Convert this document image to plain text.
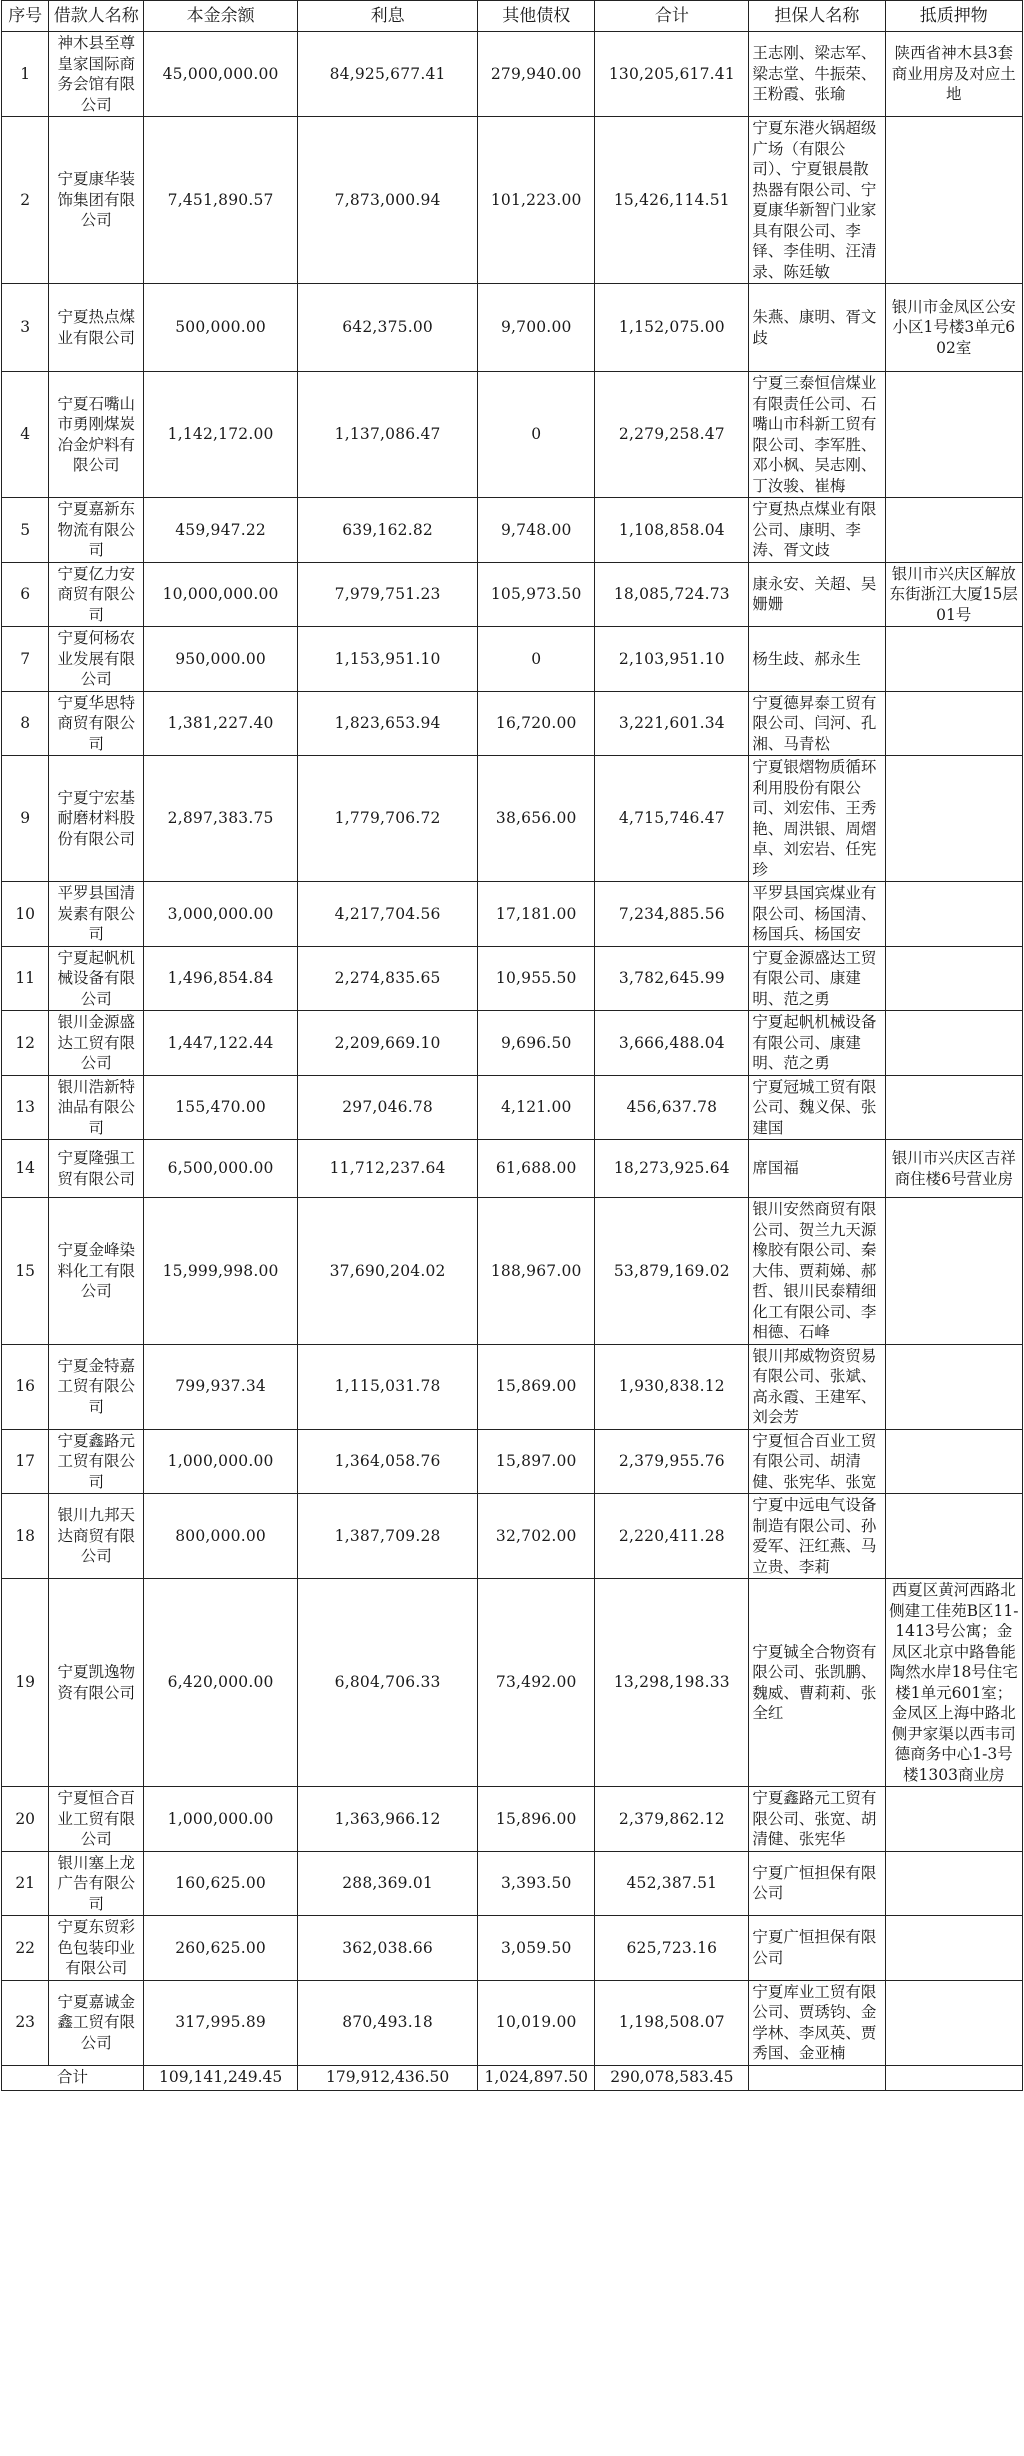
序号	借款人名称	本金余额	利息	其他债权	合计	担保人名称	抵质押物
1	神木县至尊皇家国际商务会馆有限公司	45,000,000.00	84,925,677.41	279,940.00	130,205,617.41	王志刚、梁志军、梁志堂、牛振荣、王粉霞、张瑜	陕西省神木县3套商业用房及对应土地
2	宁夏康华装饰集团有限公司	7,451,890.57	7,873,000.94	101,223.00	15,426,114.51	宁夏东港火锅超级广场（有限公司）、宁夏银晨散热器有限公司、宁夏康华新智门业家具有限公司、李铎、李佳明、汪清录、陈廷敏	
3	宁夏热点煤业有限公司	500,000.00	642,375.00	9,700.00	1,152,075.00	朱燕、康明、胥文歧	银川市金凤区公安小区1号楼3单元602室
4	宁夏石嘴山市勇刚煤炭冶金炉料有限公司	1,142,172.00	1,137,086.47	0	2,279,258.47	宁夏三泰恒信煤业有限责任公司、石嘴山市科新工贸有限公司、李军胜、邓小枫、吴志刚、丁汝骏、崔梅	
5	宁夏嘉新东物流有限公司	459,947.22	639,162.82	9,748.00	1,108,858.04	宁夏热点煤业有限公司、康明、李涛、胥文歧	
6	宁夏亿力安商贸有限公司	10,000,000.00	7,979,751.23	105,973.50	18,085,724.73	康永安、关超、吴姗姗	银川市兴庆区解放东街浙江大厦15层01号
7	宁夏何杨农业发展有限公司	950,000.00	1,153,951.10	0	2,103,951.10	杨生歧、郝永生	
8	宁夏华思特商贸有限公司	1,381,227.40	1,823,653.94	16,720.00	3,221,601.34	宁夏德昇泰工贸有限公司、闫河、孔湘、马青松	
9	宁夏宁宏基耐磨材料股份有限公司	2,897,383.75	1,779,706.72	38,656.00	4,715,746.47	宁夏银熠物质循环利用股份有限公司、刘宏伟、王秀艳、周洪银、周熠卓、刘宏岩、任宪珍	
10	平罗县国清炭素有限公司	3,000,000.00	4,217,704.56	17,181.00	7,234,885.56	平罗县国宾煤业有限公司、杨国清、杨国兵、杨国安	
11	宁夏起帆机械设备有限公司	1,496,854.84	2,274,835.65	10,955.50	3,782,645.99	宁夏金源盛达工贸有限公司、康建明、范之勇	
12	银川金源盛达工贸有限公司	1,447,122.44	2,209,669.10	9,696.50	3,666,488.04	宁夏起帆机械设备有限公司、康建明、范之勇	
13	银川浩新特油品有限公司	155,470.00	297,046.78	4,121.00	456,637.78	宁夏冠城工贸有限公司、魏义保、张建国	
14	宁夏隆强工贸有限公司	6,500,000.00	11,712,237.64	61,688.00	18,273,925.64	席国福	银川市兴庆区吉祥商住楼6号营业房
15	宁夏金峰染料化工有限公司	15,999,998.00	37,690,204.02	188,967.00	53,879,169.02	银川安然商贸有限公司、贺兰九天源橡胶有限公司、秦大伟、贾莉娣、郝哲、银川民泰精细化工有限公司、李相德、石峰	
16	宁夏金特嘉工贸有限公司	799,937.34	1,115,031.78	15,869.00	1,930,838.12	银川邦威物资贸易有限公司、张斌、高永霞、王建军、刘会芳	
17	宁夏鑫路元工贸有限公司	1,000,000.00	1,364,058.76	15,897.00	2,379,955.76	宁夏恒合百业工贸有限公司、胡清健、张宪华、张宽	
18	银川九邦天达商贸有限公司	800,000.00	1,387,709.28	32,702.00	2,220,411.28	宁夏中远电气设备制造有限公司、孙爱军、汪红燕、马立贵、李莉	
19	宁夏凯逸物资有限公司	6,420,000.00	6,804,706.33	73,492.00	13,298,198.33	宁夏铖全合物资有限公司、张凯鹏、魏威、曹莉莉、张全红	西夏区黄河西路北侧建工佳苑B区11-1413号公寓；金凤区北京中路鲁能陶然水岸18号住宅楼1单元601室；金凤区上海中路北侧尹家渠以西韦司德商务中心1-3号楼1303商业房
20	宁夏恒合百业工贸有限公司	1,000,000.00	1,363,966.12	15,896.00	2,379,862.12	宁夏鑫路元工贸有限公司、张宽、胡清健、张宪华	
21	银川塞上龙广告有限公司	160,625.00	288,369.01	3,393.50	452,387.51	宁夏广恒担保有限公司	
22	宁夏东贸彩色包装印业有限公司	260,625.00	362,038.66	3,059.50	625,723.16	宁夏广恒担保有限公司	
23	宁夏嘉诚金鑫工贸有限公司	317,995.89	870,493.18	10,019.00	1,198,508.07	宁夏库业工贸有限公司、贾琇钧、金学林、李凤英、贾秀国、金亚楠	
合计		109,141,249.45	179,912,436.50	1,024,897.50	290,078,583.45		
